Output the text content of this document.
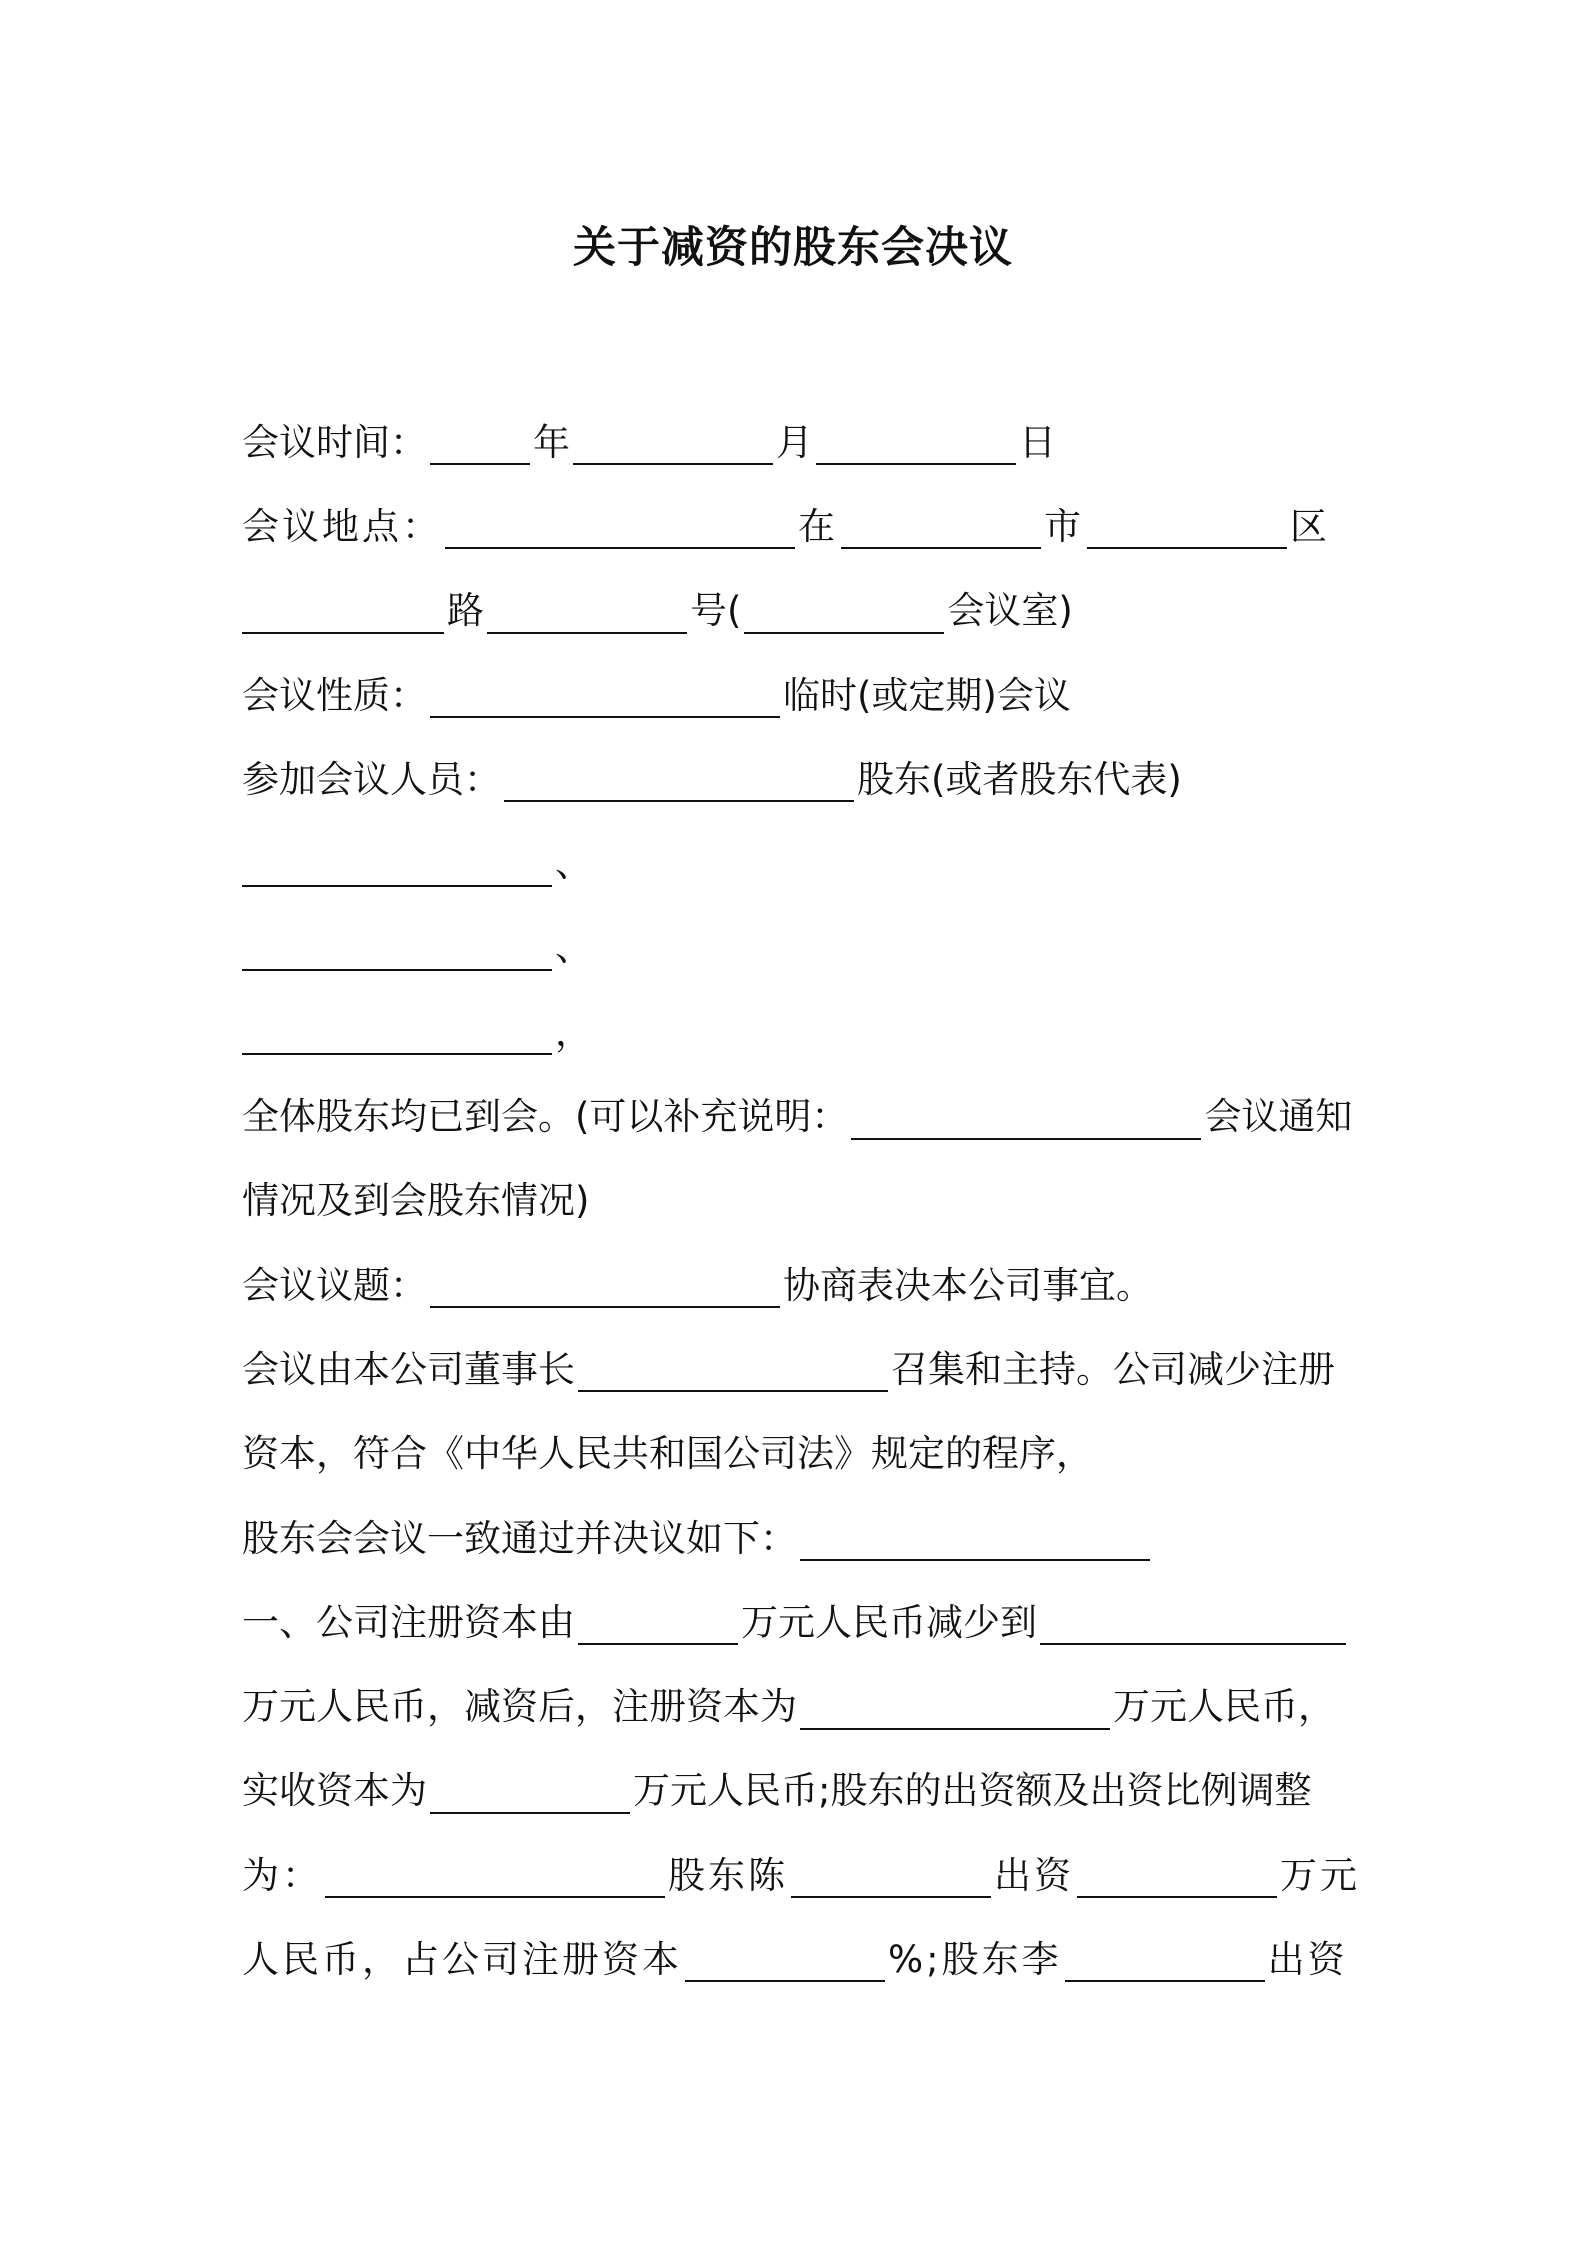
关于减资的股东会决议
会议时间：	年	月	日
会议地点：	在	市	区
路	号(	会议室)
会议性质：	临时(或定期)会议
参加会议人员：	股东(或者股东代表)
、
、
，
全体股东均已到会。(可以补充说明：	会议通知
情况及到会股东情况)
会议议题：	协商表决本公司事宜。
会议由本公司董事长	召集和主持。公司减少注册
资本，符合《中华人民共和国公司法》规定的程序，
股东会会议一致通过并决议如下：
一、公司注册资本由	万元人民币减少到
万元人民币，减资后，注册资本为	万元人民币，
实收资本为	万元人民币;股东的出资额及出资比例调整
为：	股东陈	出资	万元
人民币，占公司注册资本	%;股东李	出资
